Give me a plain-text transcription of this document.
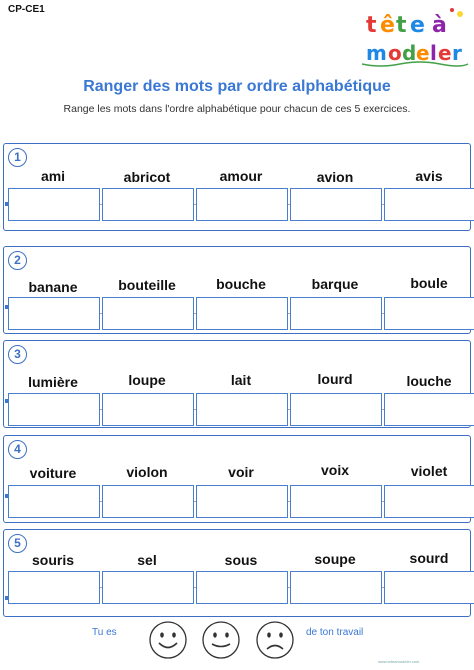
CP-CE1
t ê t e à
m o d e l e r
Ranger des mots par ordre alphabétique
Range les mots dans l'ordre alphabétique pour chacun de ces 5 exercices.
1
ami	abricot	amour	avion	avis
2
banane	bouteille	bouche	barque	boule
3
lumière	loupe	lait	lourd	louche
4
voiture	violon	voir	voix	violet
5
souris	sel	sous	soupe	sourd
Tu es	de ton travail
www.teteamodeler.com
